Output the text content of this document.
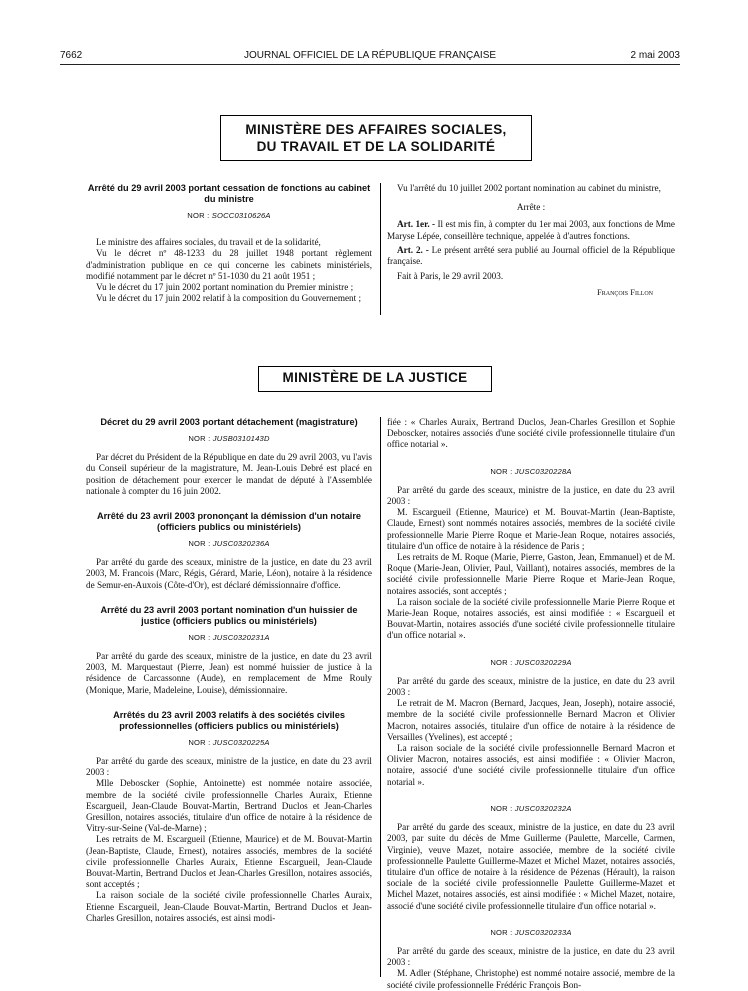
7662	JOURNAL OFFICIEL DE LA RÉPUBLIQUE FRANÇAISE	2 mai 2003
MINISTÈRE DES AFFAIRES SOCIALES,
DU TRAVAIL ET DE LA SOLIDARITÉ
Arrêté du 29 avril 2003 portant cessation de fonctions au cabinet du ministre
NOR : SOCC0310626A

Le ministre des affaires sociales, du travail et de la solidarité,

Vu le décret nº 48-1233 du 28 juillet 1948 portant règlement d'administration publique en ce qui concerne les cabinets ministériels, modifié notamment par le décret nº 51-1030 du 21 août 1951 ;

Vu le décret du 17 juin 2002 portant nomination du Premier ministre ;

Vu le décret du 17 juin 2002 relatif à la composition du Gouvernement ;

Vu l'arrêté du 10 juillet 2002 portant nomination au cabinet du ministre,

Arrête :

Art. 1er. - Il est mis fin, à compter du 1er mai 2003, aux fonctions de Mme Maryse Lépée, conseillère technique, appelée à d'autres fonctions.

Art. 2. - Le présent arrêté sera publié au Journal officiel de la République française.

Fait à Paris, le 29 avril 2003.

François Fillon
MINISTÈRE DE LA JUSTICE
Décret du 29 avril 2003 portant détachement (magistrature)
NOR : JUSB0310143D

Par décret du Président de la République en date du 29 avril 2003, vu l'avis du Conseil supérieur de la magistrature, M. Jean-Louis Debré est placé en position de détachement pour exercer le mandat de député à l'Assemblée nationale à compter du 16 juin 2002.

Arrêté du 23 avril 2003 prononçant la démission d'un notaire (officiers publics ou ministériels)
NOR : JUSC0320236A

Par arrêté du garde des sceaux, ministre de la justice, en date du 23 avril 2003, M. Francois (Marc, Régis, Gérard, Marie, Léon), notaire à la résidence de Semur-en-Auxois (Côte-d'Or), est déclaré démissionnaire d'office.

Arrêté du 23 avril 2003 portant nomination d'un huissier de justice (officiers publics ou ministériels)
NOR : JUSC0320231A

Par arrêté du garde des sceaux, ministre de la justice, en date du 23 avril 2003, M. Marquestaut (Pierre, Jean) est nommé huissier de justice à la résidence de Carcassonne (Aude), en remplacement de Mme Rouly (Monique, Marie, Madeleine, Louise), démissionnaire.

Arrêtés du 23 avril 2003 relatifs à des sociétés civiles professionnelles (officiers publics ou ministériels)
NOR : JUSC0320225A

Par arrêté du garde des sceaux, ministre de la justice, en date du 23 avril 2003 :

Mlle Deboscker (Sophie, Antoinette) est nommée notaire associée, membre de la société civile professionnelle Charles Auraix, Etienne Escargueil, Jean-Claude Bouvat-Martin, Bertrand Duclos et Jean-Charles Gresillon, notaires associés, titulaire d'un office de notaire à la résidence de Vitry-sur-Seine (Val-de-Marne) ;

Les retraits de M. Escargueil (Etienne, Maurice) et de M. Bouvat-Martin (Jean-Baptiste, Claude, Ernest), notaires associés, membres de la société civile professionnelle Charles Auraix, Etienne Escargueil, Jean-Claude Bouvat-Martin, Bertrand Duclos et Jean-Charles Gresillon, notaires associés, sont acceptés ;

La raison sociale de la société civile professionnelle Charles Auraix, Etienne Escargueil, Jean-Claude Bouvat-Martin, Bertrand Duclos et Jean-Charles Gresillon, notaires associés, est ainsi modi-

fiée : « Charles Auraix, Bertrand Duclos, Jean-Charles Gresillon et Sophie Deboscker, notaires associés d'une société civile professionnelle titulaire d'un office notarial ».

NOR : JUSC0320228A

Par arrêté du garde des sceaux, ministre de la justice, en date du 23 avril 2003 :

M. Escargueil (Etienne, Maurice) et M. Bouvat-Martin (Jean-Baptiste, Claude, Ernest) sont nommés notaires associés, membres de la société civile professionnelle Marie Pierre Roque et Marie-Jean Roque, notaires associés, titulaire d'un office de notaire à la résidence de Paris ;

Les retraits de M. Roque (Marie, Pierre, Gaston, Jean, Emmanuel) et de M. Roque (Marie-Jean, Olivier, Paul, Vaillant), notaires associés, membres de la société civile professionnelle Marie Pierre Roque et Marie-Jean Roque, notaires associés, sont acceptés ;

La raison sociale de la société civile professionnelle Marie Pierre Roque et Marie-Jean Roque, notaires associés, est ainsi modifiée : « Escargueil et Bouvat-Martin, notaires associés d'une société civile professionnelle titulaire d'un office notarial ».

NOR : JUSC0320229A

Par arrêté du garde des sceaux, ministre de la justice, en date du 23 avril 2003 :

Le retrait de M. Macron (Bernard, Jacques, Jean, Joseph), notaire associé, membre de la société civile professionnelle Bernard Macron et Olivier Macron, notaires associés, titulaire d'un office de notaire à la résidence de Versailles (Yvelines), est accepté ;

La raison sociale de la société civile professionnelle Bernard Macron et Olivier Macron, notaires associés, est ainsi modifiée : « Olivier Macron, notaire, associé d'une société civile professionnelle titulaire d'un office notarial ».

NOR : JUSC0320232A

Par arrêté du garde des sceaux, ministre de la justice, en date du 23 avril 2003, par suite du décès de Mme Guillerme (Paulette, Marcelle, Carmen, Virginie), veuve Mazet, notaire associée, membre de la société civile professionnelle Paulette Guillerme-Mazet et Michel Mazet, notaires associés, titulaire d'un office de notaire à la résidence de Pézenas (Hérault), la raison sociale de la société civile professionnelle Paulette Guillerme-Mazet et Michel Mazet, notaires associés, est ainsi modifiée : « Michel Mazet, notaire, associé d'une société civile professionnelle titulaire d'un office notarial ».

NOR : JUSC0320233A

Par arrêté du garde des sceaux, ministre de la justice, en date du 23 avril 2003 :

M. Adler (Stéphane, Christophe) est nommé notaire associé, membre de la société civile professionnelle Frédéric François Bon-
